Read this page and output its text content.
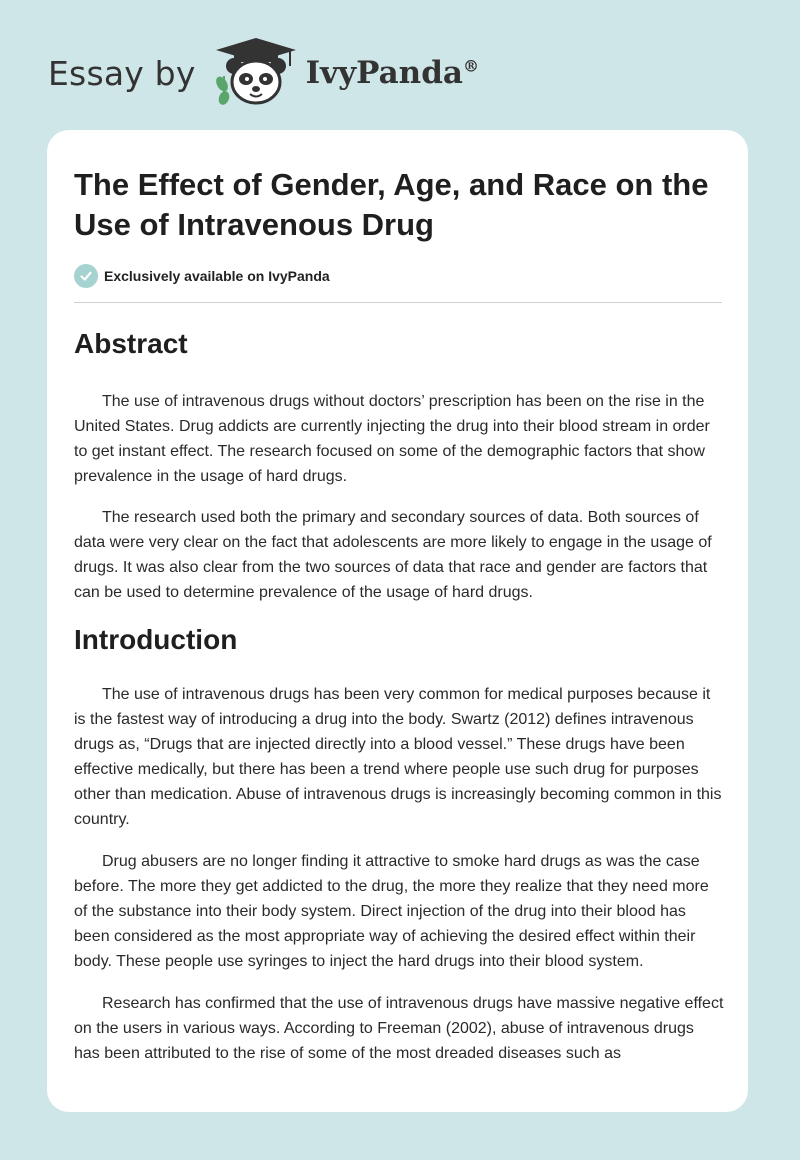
Essay by	IvyPanda®
The Effect of Gender, Age, and Race on the Use of Intravenous Drug
Exclusively available on IvyPanda
Abstract

The use of intravenous drugs without doctors’ prescription has been on the rise in the United States. Drug addicts are currently injecting the drug into their blood stream in order to get instant effect. The research focused on some of the demographic factors that show prevalence in the usage of hard drugs.

The research used both the primary and secondary sources of data. Both sources of data were very clear on the fact that adolescents are more likely to engage in the usage of drugs. It was also clear from the two sources of data that race and gender are factors that can be used to determine prevalence of the usage of hard drugs.

Introduction

The use of intravenous drugs has been very common for medical purposes because it is the fastest way of introducing a drug into the body. Swartz (2012) defines intravenous drugs as, “Drugs that are injected directly into a blood vessel.” These drugs have been effective medically, but there has been a trend where people use such drug for purposes other than medication. Abuse of intravenous drugs is increasingly becoming common in this country.

Drug abusers are no longer finding it attractive to smoke hard drugs as was the case before. The more they get addicted to the drug, the more they realize that they need more of the substance into their body system. Direct injection of the drug into their blood has been considered as the most appropriate way of achieving the desired effect within their body. These people use syringes to inject the hard drugs into their blood system.

Research has confirmed that the use of intravenous drugs have massive negative effect on the users in various ways. According to Freeman (2002), abuse of intravenous drugs has been attributed to the rise of some of the most dreaded diseases such as
